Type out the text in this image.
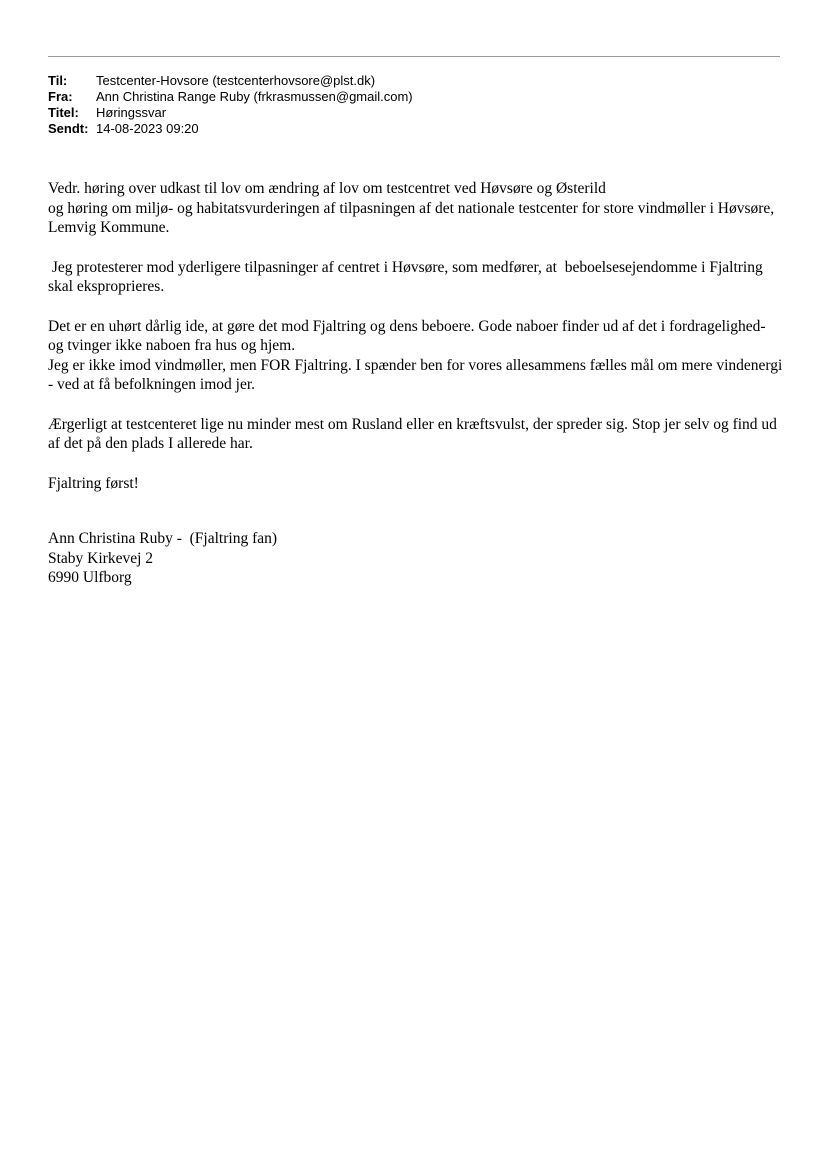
Til:	Testcenter-Hovsore (testcenterhovsore@plst.dk)
Fra:	Ann Christina Range Ruby (frkrasmussen@gmail.com)
Titel:	Høringssvar
Sendt: 14-08-2023 09:20
Vedr. høring over udkast til lov om ændring af lov om testcentret ved Høvsøre og Østerild
og høring om miljø- og habitatsvurderingen af tilpasningen af det nationale testcenter for store vindmøller i Høvsøre, Lemvig Kommune.
Jeg protesterer mod yderligere tilpasninger af centret i Høvsøre, som medfører, at  beboelsesejendomme i Fjaltring skal eksproprieres.
Det er en uhørt dårlig ide, at gøre det mod Fjaltring og dens beboere. Gode naboer finder ud af det i fordragelighed- og tvinger ikke naboen fra hus og hjem.
Jeg er ikke imod vindmøller, men FOR Fjaltring. I spænder ben for vores allesammens fælles mål om mere vindenergi - ved at få befolkningen imod jer.
Ærgerligt at testcenteret lige nu minder mest om Rusland eller en kræftsvulst, der spreder sig. Stop jer selv og find ud af det på den plads I allerede har.
Fjaltring først!
Ann Christina Ruby -  (Fjaltring fan)
Staby Kirkevej 2
6990 Ulfborg
